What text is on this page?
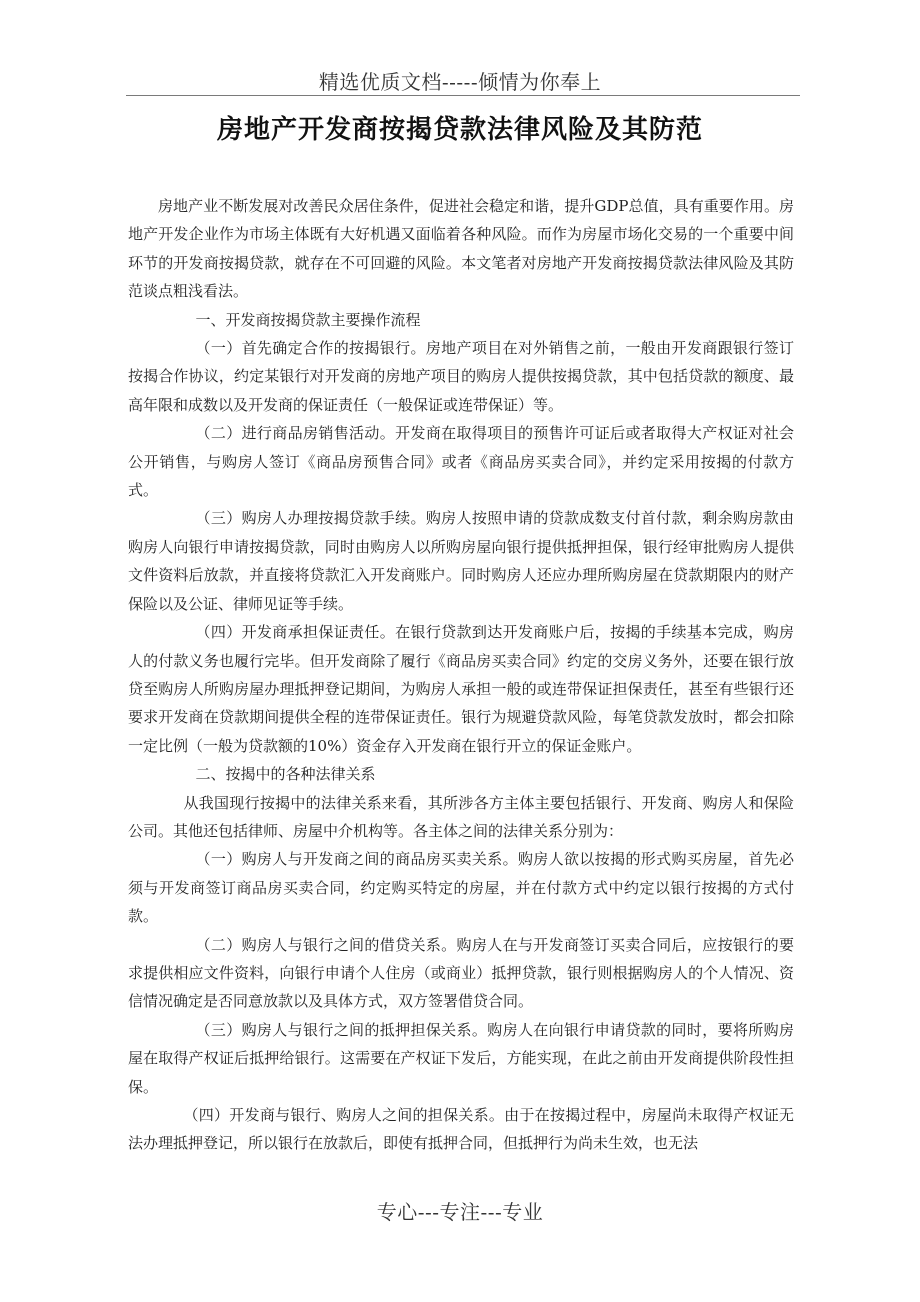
精选优质文档-----倾情为你奉上
房地产开发商按揭贷款法律风险及其防范

房地产业不断发展对改善民众居住条件，促进社会稳定和谐，提升GDP总值，具有重要作用。房地产开发企业作为市场主体既有大好机遇又面临着各种风险。而作为房屋市场化交易的一个重要中间环节的开发商按揭贷款，就存在不可回避的风险。本文笔者对房地产开发商按揭贷款法律风险及其防范谈点粗浅看法。

一、开发商按揭贷款主要操作流程

（一）首先确定合作的按揭银行。房地产项目在对外销售之前，一般由开发商跟银行签订按揭合作协议，约定某银行对开发商的房地产项目的购房人提供按揭贷款，其中包括贷款的额度、最高年限和成数以及开发商的保证责任（一般保证或连带保证）等。

（二）进行商品房销售活动。开发商在取得项目的预售许可证后或者取得大产权证对社会公开销售，与购房人签订《商品房预售合同》或者《商品房买卖合同》，并约定采用按揭的付款方式。

（三）购房人办理按揭贷款手续。购房人按照申请的贷款成数支付首付款，剩余购房款由购房人向银行申请按揭贷款，同时由购房人以所购房屋向银行提供抵押担保，银行经审批购房人提供文件资料后放款，并直接将贷款汇入开发商账户。同时购房人还应办理所购房屋在贷款期限内的财产保险以及公证、律师见证等手续。

（四）开发商承担保证责任。在银行贷款到达开发商账户后，按揭的手续基本完成，购房人的付款义务也履行完毕。但开发商除了履行《商品房买卖合同》约定的交房义务外，还要在银行放贷至购房人所购房屋办理抵押登记期间，为购房人承担一般的或连带保证担保责任，甚至有些银行还要求开发商在贷款期间提供全程的连带保证责任。银行为规避贷款风险，每笔贷款发放时，都会扣除一定比例（一般为贷款额的10%）资金存入开发商在银行开立的保证金账户。

二、按揭中的各种法律关系

从我国现行按揭中的法律关系来看，其所涉各方主体主要包括银行、开发商、购房人和保险公司。其他还包括律师、房屋中介机构等。各主体之间的法律关系分别为：

（一）购房人与开发商之间的商品房买卖关系。购房人欲以按揭的形式购买房屋，首先必须与开发商签订商品房买卖合同，约定购买特定的房屋，并在付款方式中约定以银行按揭的方式付款。

（二）购房人与银行之间的借贷关系。购房人在与开发商签订买卖合同后，应按银行的要求提供相应文件资料，向银行申请个人住房（或商业）抵押贷款，银行则根据购房人的个人情况、资信情况确定是否同意放款以及具体方式，双方签署借贷合同。

（三）购房人与银行之间的抵押担保关系。购房人在向银行申请贷款的同时，要将所购房屋在取得产权证后抵押给银行。这需要在产权证下发后，方能实现，在此之前由开发商提供阶段性担保。

（四）开发商与银行、购房人之间的担保关系。由于在按揭过程中，房屋尚未取得产权证无法办理抵押登记，所以银行在放款后，即使有抵押合同，但抵押行为尚未生效，也无法

专心---专注---专业
